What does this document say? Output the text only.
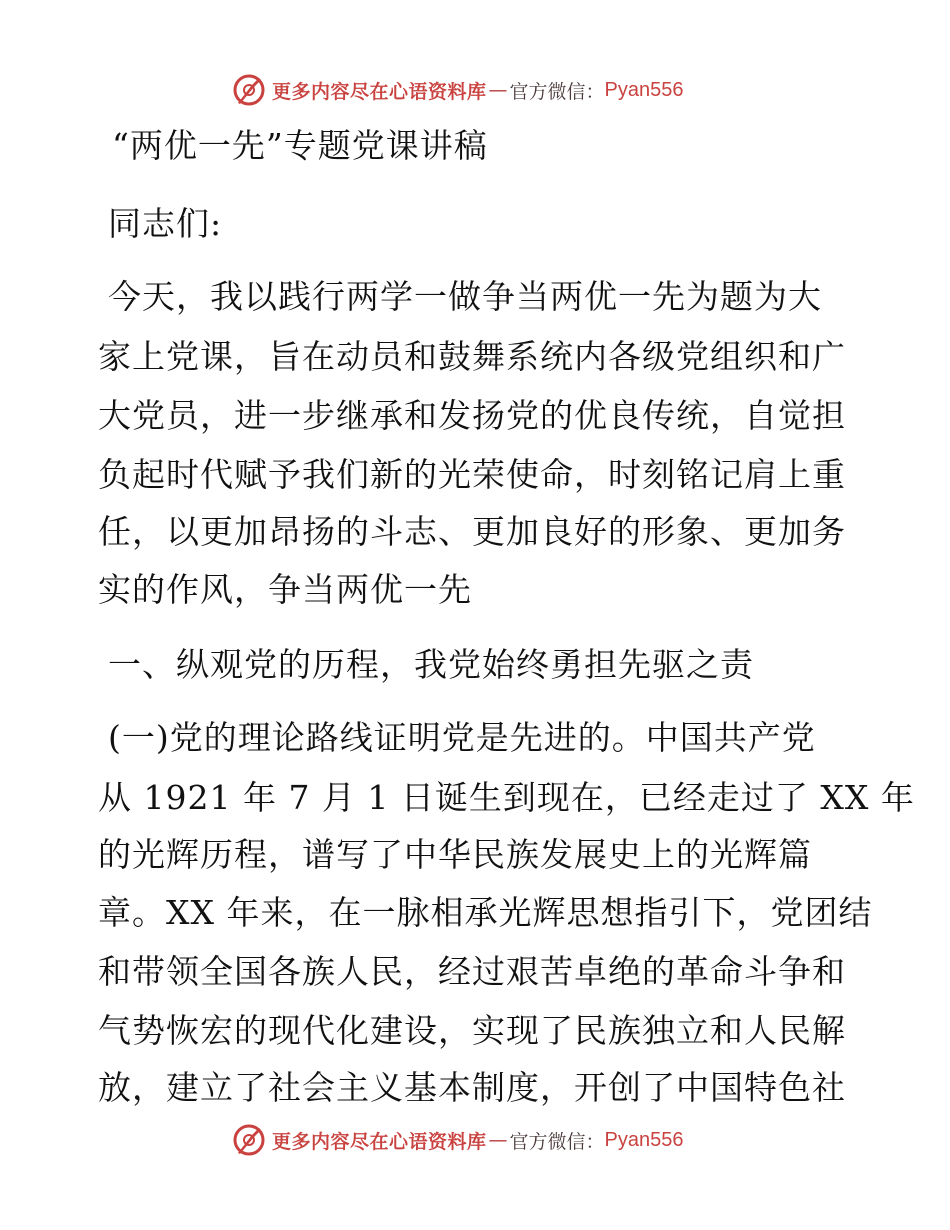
更多内容尽在心语资料库 — 官方微信： Pyan556
“两优一先”专题党课讲稿
同志们:
今天，我以践行两学一做争当两优一先为题为大
家上党课，旨在动员和鼓舞系统内各级党组织和广
大党员，进一步继承和发扬党的优良传统，自觉担
负起时代赋予我们新的光荣使命，时刻铭记肩上重
任，以更加昂扬的斗志、更加良好的形象、更加务
实的作风，争当两优一先
一、纵观党的历程，我党始终勇担先驱之责
(一)党的理论路线证明党是先进的。中国共产党
从 1921 年 7 月 1 日诞生到现在，已经走过了 XX 年
的光辉历程，谱写了中华民族发展史上的光辉篇
章。XX 年来，在一脉相承光辉思想指引下，党团结
和带领全国各族人民，经过艰苦卓绝的革命斗争和
气势恢宏的现代化建设，实现了民族独立和人民解
放，建立了社会主义基本制度，开创了中国特色社
更多内容尽在心语资料库 — 官方微信： Pyan556
